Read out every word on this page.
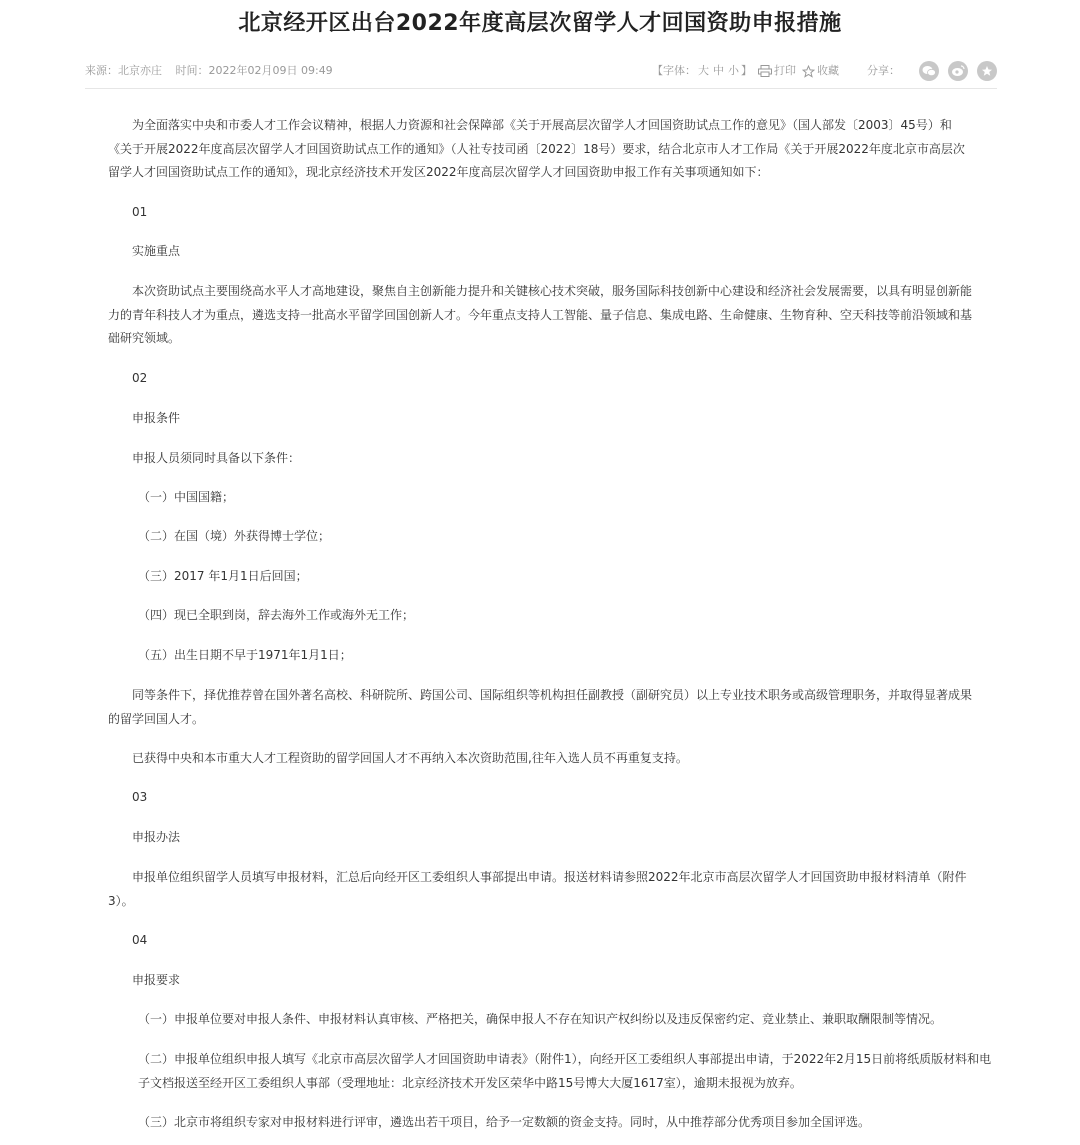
北京经开区出台2022年度高层次留学人才回国资助申报措施
来源：北京亦庄 时间：2022年02月09日 09:49	【字体： 大 中 小 】 打印 收藏	分享：

为全面落实中央和市委人才工作会议精神，根据人力资源和社会保障部《关于开展高层次留学人才回国资助试点工作的意见》（国人部发〔2003〕45号）和《关于开展2022年度高层次留学人才回国资助试点工作的通知》（人社专技司函〔2022〕18号）要求，结合北京市人才工作局《关于开展2022年度北京市高层次留学人才回国资助试点工作的通知》，现北京经济技术开发区2022年度高层次留学人才回国资助申报工作有关事项通知如下：

01

实施重点

本次资助试点主要围绕高水平人才高地建设，聚焦自主创新能力提升和关键核心技术突破，服务国际科技创新中心建设和经济社会发展需要，以具有明显创新能力的青年科技人才为重点，遴选支持一批高水平留学回国创新人才。今年重点支持人工智能、量子信息、集成电路、生命健康、生物育种、空天科技等前沿领域和基础研究领域。

02

申报条件

申报人员须同时具备以下条件：

（一）中国国籍；

（二）在国（境）外获得博士学位；

（三）2017 年1月1日后回国；

（四）现已全职到岗，辞去海外工作或海外无工作；

（五）出生日期不早于1971年1月1日；

同等条件下，择优推荐曾在国外著名高校、科研院所、跨国公司、国际组织等机构担任副教授（副研究员）以上专业技术职务或高级管理职务，并取得显著成果的留学回国人才。

已获得中央和本市重大人才工程资助的留学回国人才不再纳入本次资助范围,往年入选人员不再重复支持。

03

申报办法

申报单位组织留学人员填写申报材料，汇总后向经开区工委组织人事部提出申请。报送材料请参照2022年北京市高层次留学人才回国资助申报材料清单（附件3）。

04

申报要求

（一）申报单位要对申报人条件、申报材料认真审核、严格把关，确保申报人不存在知识产权纠纷以及违反保密约定、竞业禁止、兼职取酬限制等情况。

（二）申报单位组织申报人填写《北京市高层次留学人才回国资助申请表》（附件1），向经开区工委组织人事部提出申请，于2022年2月15日前将纸质版材料和电子文档报送至经开区工委组织人事部（受理地址：北京经济技术开发区荣华中路15号博大大厦1617室），逾期未报视为放弃。

（三）北京市将组织专家对申报材料进行评审，遴选出若干项目，给予一定数额的资金支持。同时，从中推荐部分优秀项目参加全国评选。
